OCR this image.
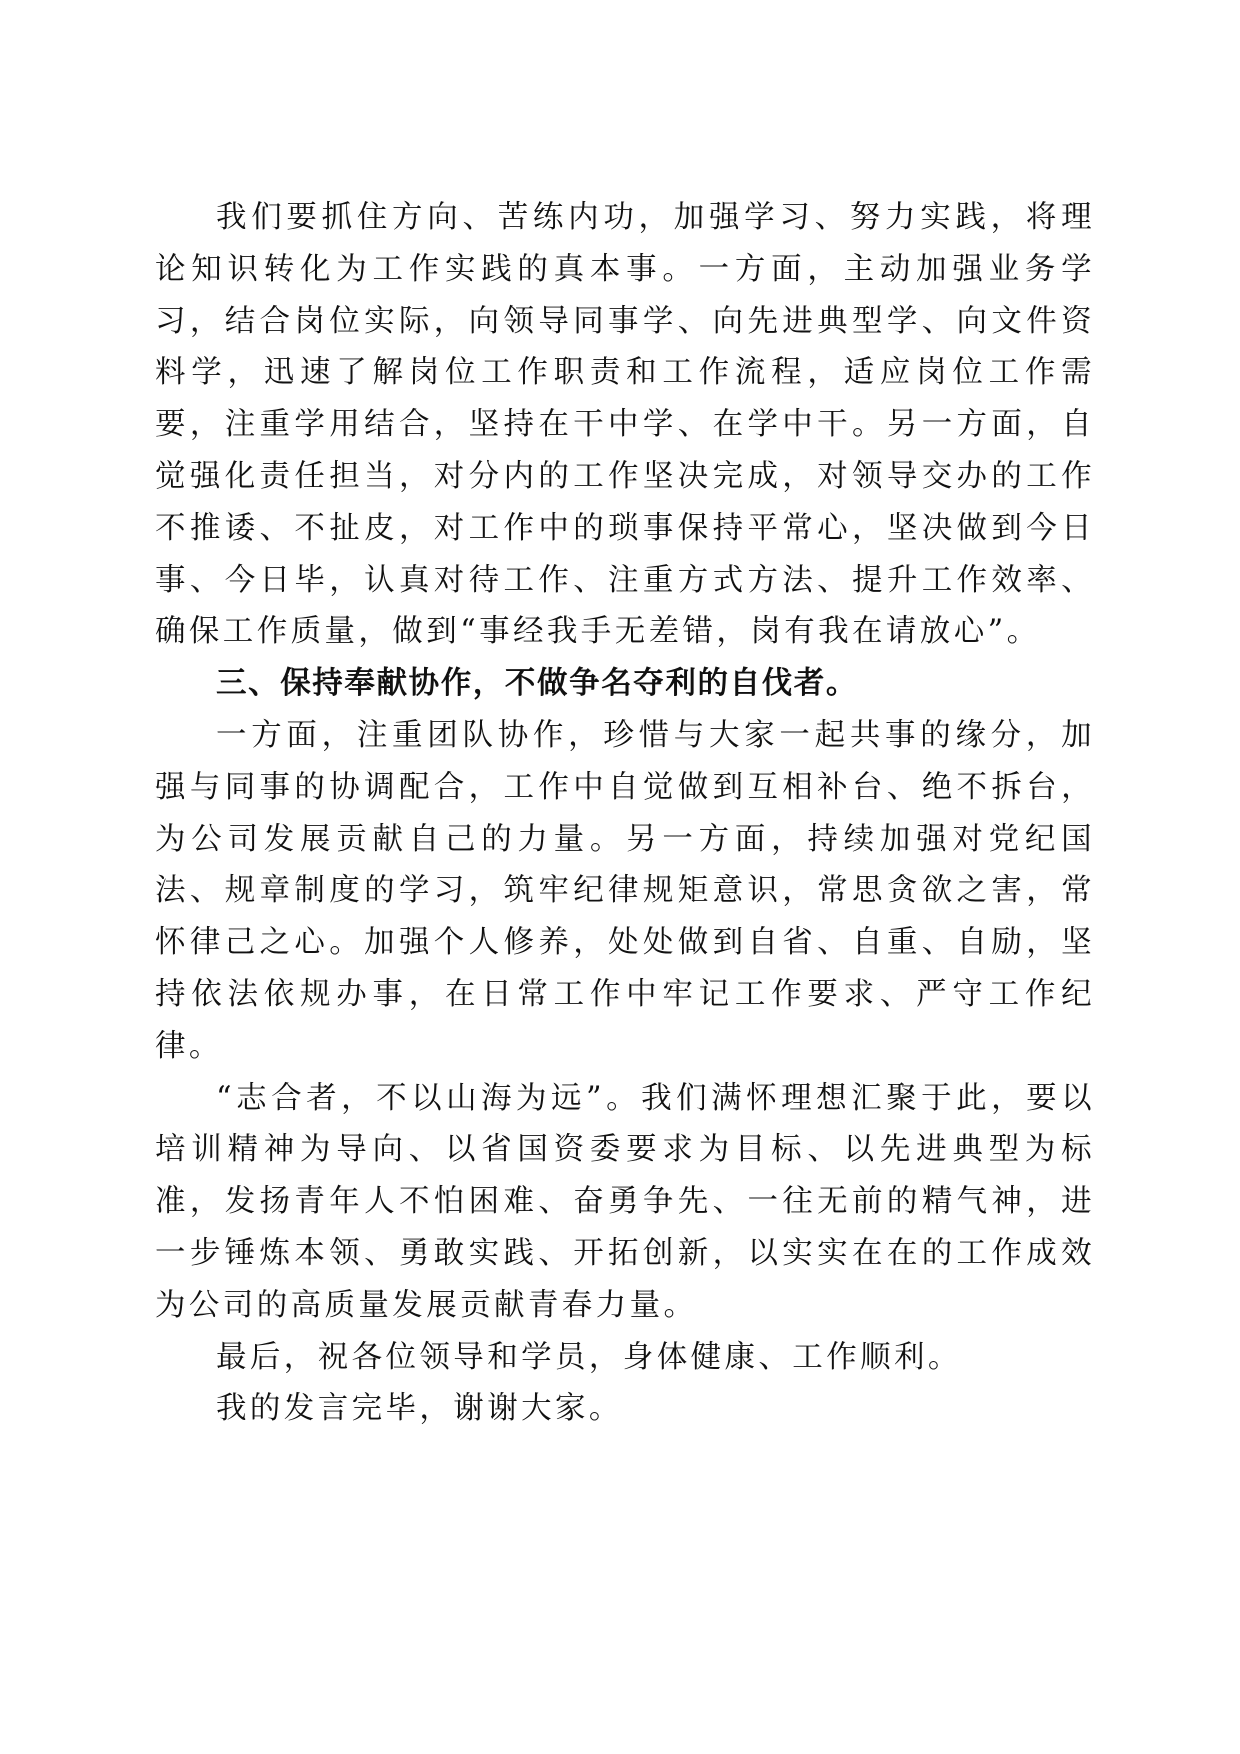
我们要抓住方向、苦练内功，加强学习、努力实践，将理论知识转化为工作实践的真本事。一方面，主动加强业务学习，结合岗位实际，向领导同事学、向先进典型学、向文件资料学，迅速了解岗位工作职责和工作流程，适应岗位工作需要，注重学用结合，坚持在干中学、在学中干。另一方面，自觉强化责任担当，对分内的工作坚决完成，对领导交办的工作不推诿、不扯皮，对工作中的琐事保持平常心，坚决做到今日事、今日毕，认真对待工作、注重方式方法、提升工作效率、确保工作质量，做到“事经我手无差错，岗有我在请放心”。

三、保持奉献协作，不做争名夺利的自伐者。

一方面，注重团队协作，珍惜与大家一起共事的缘分，加强与同事的协调配合，工作中自觉做到互相补台、绝不拆台，为公司发展贡献自己的力量。另一方面，持续加强对党纪国法、规章制度的学习，筑牢纪律规矩意识，常思贪欲之害，常怀律己之心。加强个人修养，处处做到自省、自重、自励，坚持依法依规办事，在日常工作中牢记工作要求、严守工作纪律。

“志合者，不以山海为远”。我们满怀理想汇聚于此，要以培训精神为导向、以省国资委要求为目标、以先进典型为标准，发扬青年人不怕困难、奋勇争先、一往无前的精气神，进一步锤炼本领、勇敢实践、开拓创新，以实实在在的工作成效为公司的高质量发展贡献青春力量。

最后，祝各位领导和学员，身体健康、工作顺利。

我的发言完毕，谢谢大家。
